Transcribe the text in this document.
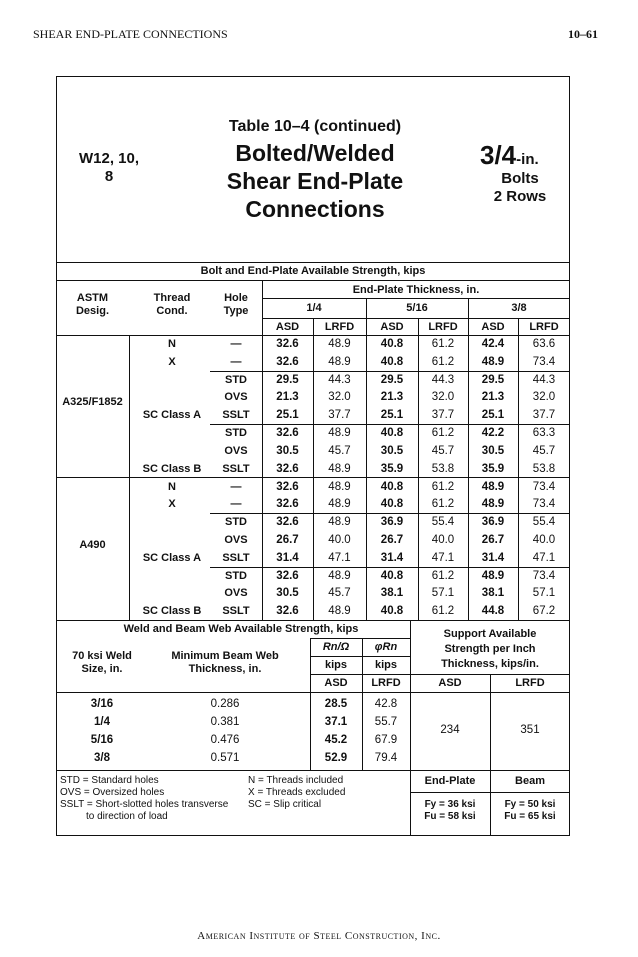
SHEAR END-PLATE CONNECTIONS	10–61
W12, 10,
8
Table 10–4 (continued)
Bolted/Welded
Shear End-Plate
Connections
3/4-in.
Bolts
2 Rows
Bolt and End-Plate Available Strength, kips
ASTM
Desig.
Thread
Cond.
Hole
Type
End-Plate Thickness, in.
1/4	5/16	3/8
ASD	LRFD	ASD	LRFD	ASD	LRFD
A325/F1852
N	—	32.6	48.9	40.8	61.2	42.4	63.6
X	—	32.6	48.9	40.8	61.2	48.9	73.4
STD	29.5	44.3	29.5	44.3	29.5	44.3
SC Class A
OVS	21.3	32.0	21.3	32.0	21.3	32.0
SSLT	25.1	37.7	25.1	37.7	25.1	37.7
STD	32.6	48.9	40.8	61.2	42.2	63.3
SC Class B
OVS	30.5	45.7	30.5	45.7	30.5	45.7
SSLT	32.6	48.9	35.9	53.8	35.9	53.8
A490
N	—	32.6	48.9	40.8	61.2	48.9	73.4
X	—	32.6	48.9	40.8	61.2	48.9	73.4
STD	32.6	48.9	36.9	55.4	36.9	55.4
SC Class A
OVS	26.7	40.0	26.7	40.0	26.7	40.0
SSLT	31.4	47.1	31.4	47.1	31.4	47.1
STD	32.6	48.9	40.8	61.2	48.9	73.4
SC Class B
OVS	30.5	45.7	38.1	57.1	38.1	57.1
SSLT	32.6	48.9	40.8	61.2	44.8	67.2
Weld and Beam Web Available Strength, kips
70 ksi Weld
Size, in.
Minimum Beam Web
Thickness, in.
Rn/Ω	φRn
kips	kips
ASD	LRFD
3/16	0.286	28.5	42.8
1/4	0.381	37.1	55.7
5/16	0.476	45.2	67.9
3/8	0.571	52.9	79.4
Support Available
Strength per Inch
Thickness, kips/in.
ASD	LRFD
234	351
End-Plate	Beam
Fy = 36 ksi
Fu = 58 ksi
Fy = 50 ksi
Fu = 65 ksi
STD = Standard holes
OVS = Oversized holes
SSLT = Short-slotted holes transverse
to direction of load
N = Threads included
X = Threads excluded
SC = Slip critical
American Institute of Steel Construction, Inc.
